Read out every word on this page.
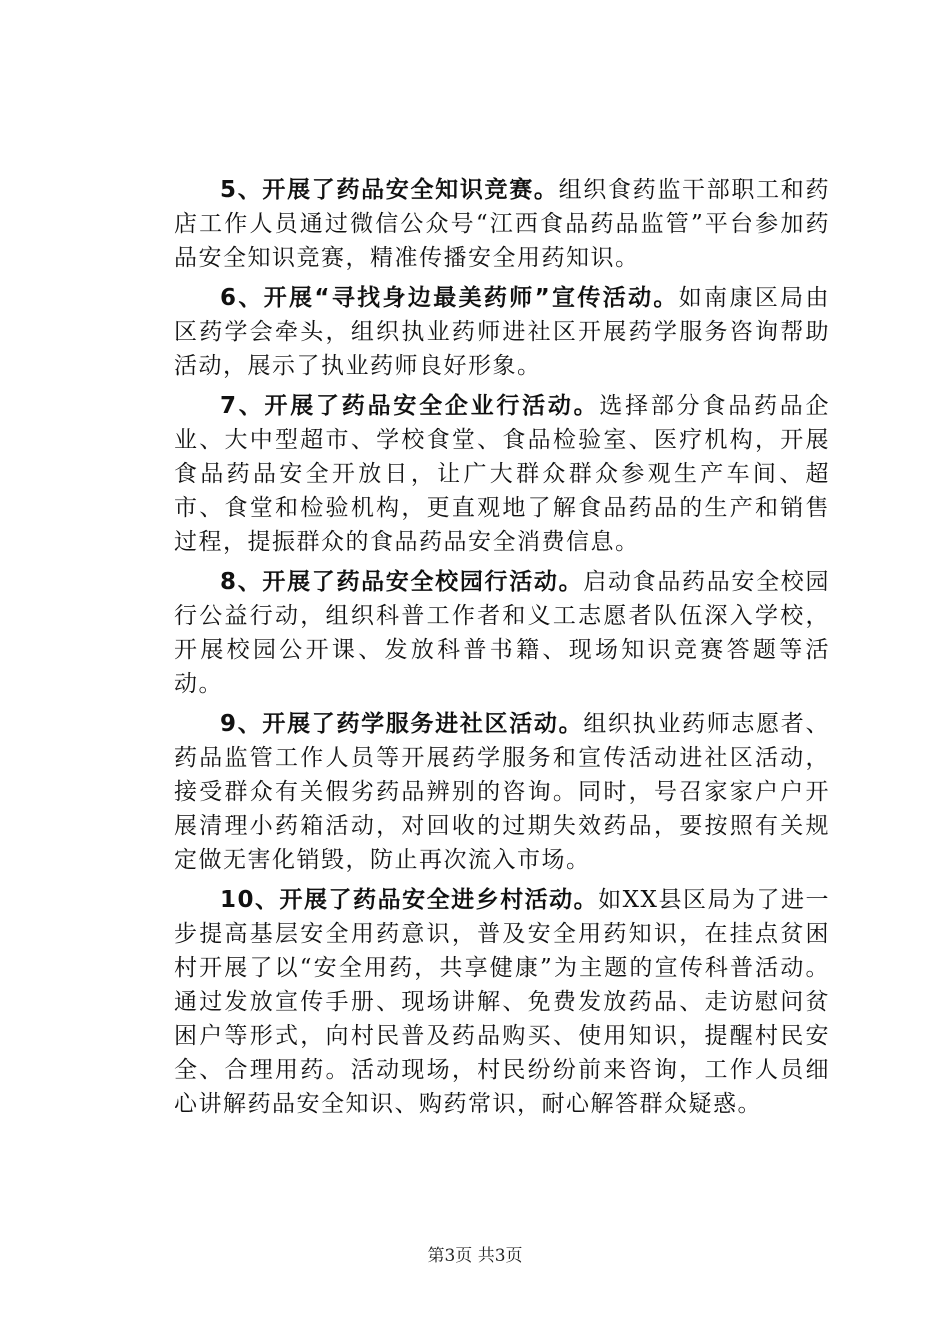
5、开展了药品安全知识竞赛。组织食药监干部职工和药店工作人员通过微信公众号“江西食品药品监管”平台参加药品安全知识竞赛，精准传播安全用药知识。

6、开展“寻找身边最美药师”宣传活动。如南康区局由区药学会牵头，组织执业药师进社区开展药学服务咨询帮助活动，展示了执业药师良好形象。

7、开展了药品安全企业行活动。选择部分食品药品企业、大中型超市、学校食堂、食品检验室、医疗机构，开展食品药品安全开放日，让广大群众群众参观生产车间、超市、食堂和检验机构，更直观地了解食品药品的生产和销售过程，提振群众的食品药品安全消费信息。

8、开展了药品安全校园行活动。启动食品药品安全校园行公益行动，组织科普工作者和义工志愿者队伍深入学校，开展校园公开课、发放科普书籍、现场知识竞赛答题等活动。

9、开展了药学服务进社区活动。组织执业药师志愿者、药品监管工作人员等开展药学服务和宣传活动进社区活动，接受群众有关假劣药品辨别的咨询。同时，号召家家户户开展清理小药箱活动，对回收的过期失效药品，要按照有关规定做无害化销毁，防止再次流入市场。

10、开展了药品安全进乡村活动。如XX县区局为了进一步提高基层安全用药意识，普及安全用药知识，在挂点贫困村开展了以“安全用药，共享健康”为主题的宣传科普活动。通过发放宣传手册、现场讲解、免费发放药品、走访慰问贫困户等形式，向村民普及药品购买、使用知识，提醒村民安全、合理用药。活动现场，村民纷纷前来咨询，工作人员细心讲解药品安全知识、购药常识，耐心解答群众疑惑。

第3页 共3页
